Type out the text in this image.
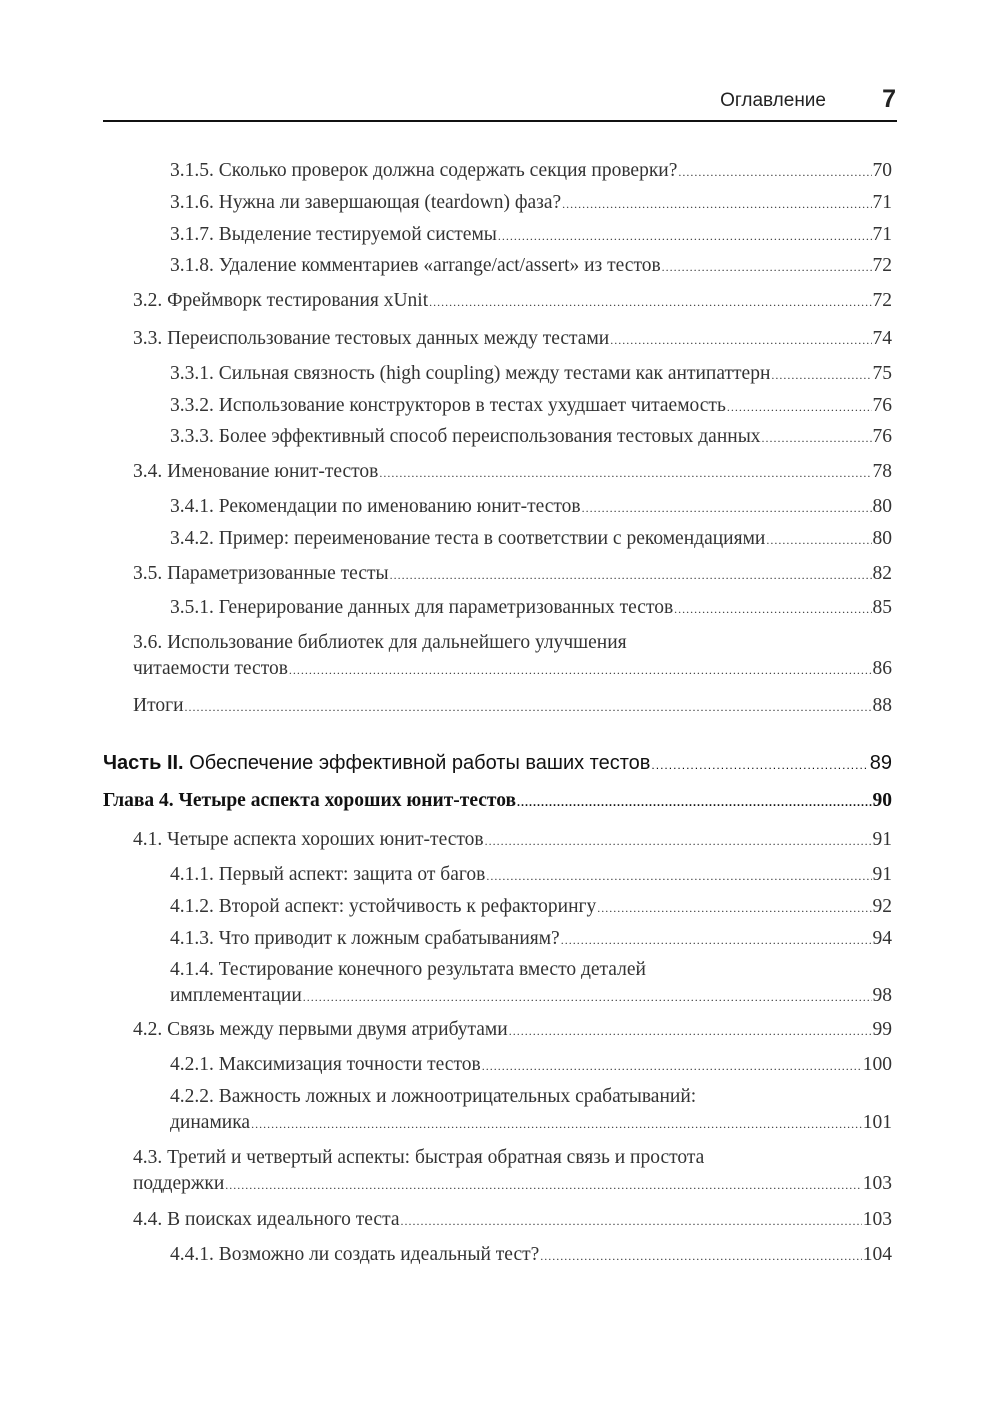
Оглавление	7
3.1.5. Сколько проверок должна содержать секция проверки? .....	70
3.1.6. Нужна ли завершающая (teardown) фаза? .....	71
3.1.7. Выделение тестируемой системы .....	71
3.1.8. Удаление комментариев «arrange/act/assert» из тестов .....	72
3.2. Фреймворк тестирования xUnit .....	72
3.3. Переиспользование тестовых данных между тестами .....	74
3.3.1. Сильная связность (high coupling) между тестами как антипаттерн .....	75
3.3.2. Использование конструкторов в тестах ухудшает читаемость .....	76
3.3.3. Более эффективный способ переиспользования тестовых данных .....	76
3.4. Именование юнит-тестов .....	78
3.4.1. Рекомендации по именованию юнит-тестов .....	80
3.4.2. Пример: переименование теста в соответствии с рекомендациями .....	80
3.5. Параметризованные тесты .....	82
3.5.1. Генерирование данных для параметризованных тестов .....	85
3.6. Использование библиотек для дальнейшего улучшения
читаемости тестов .....	86
Итоги .....	88
Часть II. Обеспечение эффективной работы ваших тестов .....	89
Глава 4. Четыре аспекта хороших юнит-тестов .....	90
4.1. Четыре аспекта хороших юнит-тестов .....	91
4.1.1. Первый аспект: защита от багов .....	91
4.1.2. Второй аспект: устойчивость к рефакторингу .....	92
4.1.3. Что приводит к ложным срабатываниям? .....	94
4.1.4. Тестирование конечного результата вместо деталей
имплементации .....	98
4.2. Связь между первыми двумя атрибутами .....	99
4.2.1. Максимизация точности тестов .....	100
4.2.2. Важность ложных и ложноотрицательных срабатываний:
динамика .....	101
4.3. Третий и четвертый аспекты: быстрая обратная связь и простота
поддержки .....	103
4.4. В поисках идеального теста .....	103
4.4.1. Возможно ли создать идеальный тест? .....	104
